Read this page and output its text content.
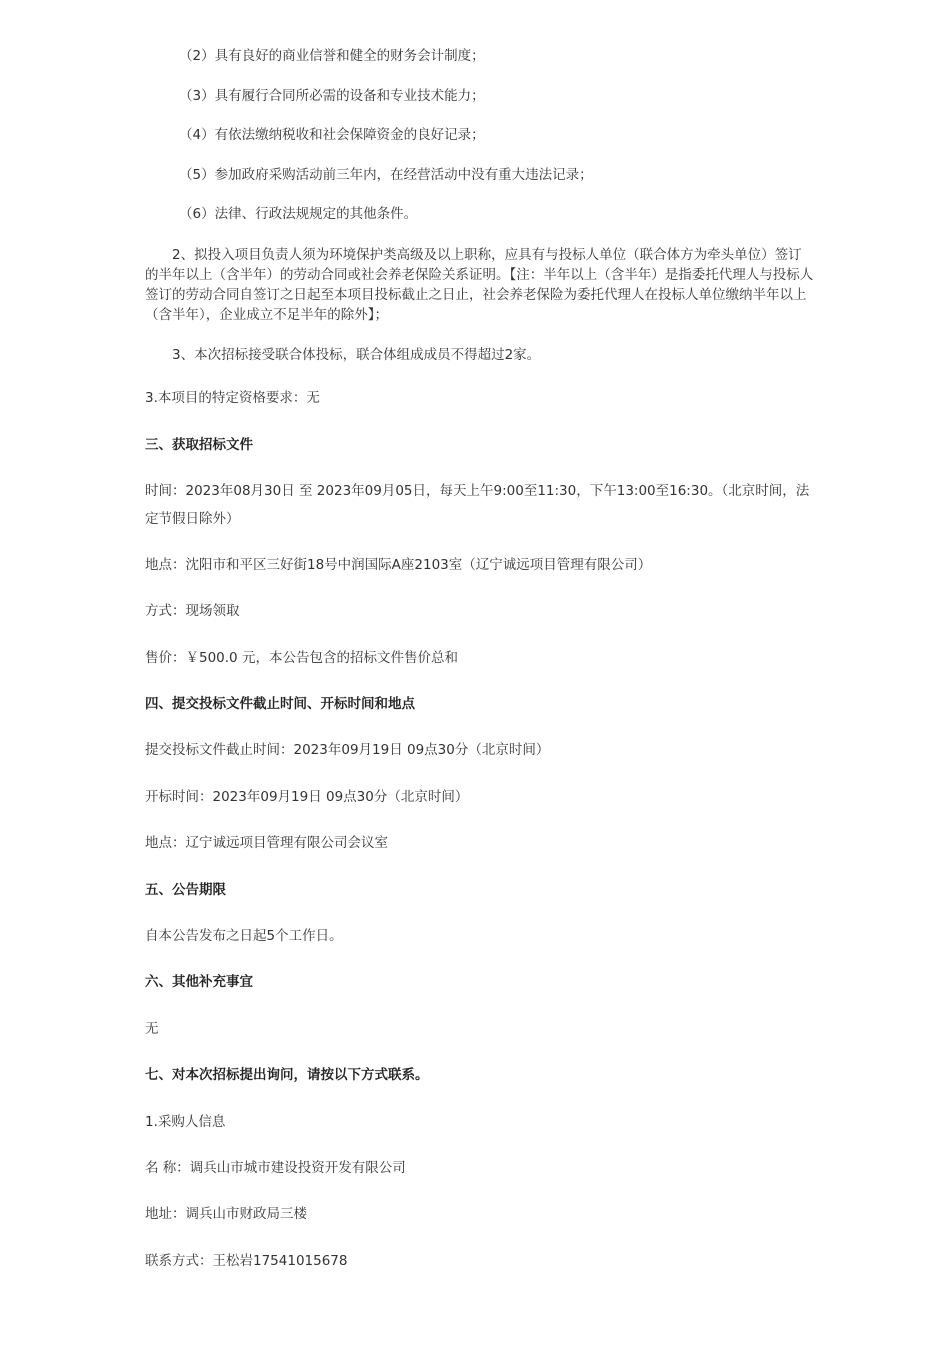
（2）具有良好的商业信誉和健全的财务会计制度；
（3）具有履行合同所必需的设备和专业技术能力；
（4）有依法缴纳税收和社会保障资金的良好记录；
（5）参加政府采购活动前三年内，在经营活动中没有重大违法记录；
（6）法律、行政法规规定的其他条件。
2、拟投入项目负责人须为环境保护类高级及以上职称，应具有与投标人单位（联合体方为牵头单位）签订的半年以上（含半年）的劳动合同或社会养老保险关系证明。【注：半年以上（含半年）是指委托代理人与投标人签订的劳动合同自签订之日起至本项目投标截止之日止，社会养老保险为委托代理人在投标人单位缴纳半年以上（含半年），企业成立不足半年的除外】；
3、本次招标接受联合体投标，联合体组成成员不得超过2家。
3.本项目的特定资格要求：无
三、获取招标文件
时间：2023年08月30日 至 2023年09月05日，每天上午9:00至11:30，下午13:00至16:30。（北京时间，法定节假日除外）
地点：沈阳市和平区三好街18号中润国际A座2103室（辽宁诚远项目管理有限公司）
方式：现场领取
售价：￥500.0 元，本公告包含的招标文件售价总和
四、提交投标文件截止时间、开标时间和地点
提交投标文件截止时间：2023年09月19日 09点30分（北京时间）
开标时间：2023年09月19日 09点30分（北京时间）
地点：辽宁诚远项目管理有限公司会议室
五、公告期限
自本公告发布之日起5个工作日。
六、其他补充事宜
无
七、对本次招标提出询问，请按以下方式联系。
1.采购人信息
名 称：调兵山市城市建设投资开发有限公司
地址：调兵山市财政局三楼
联系方式：王松岩17541015678
